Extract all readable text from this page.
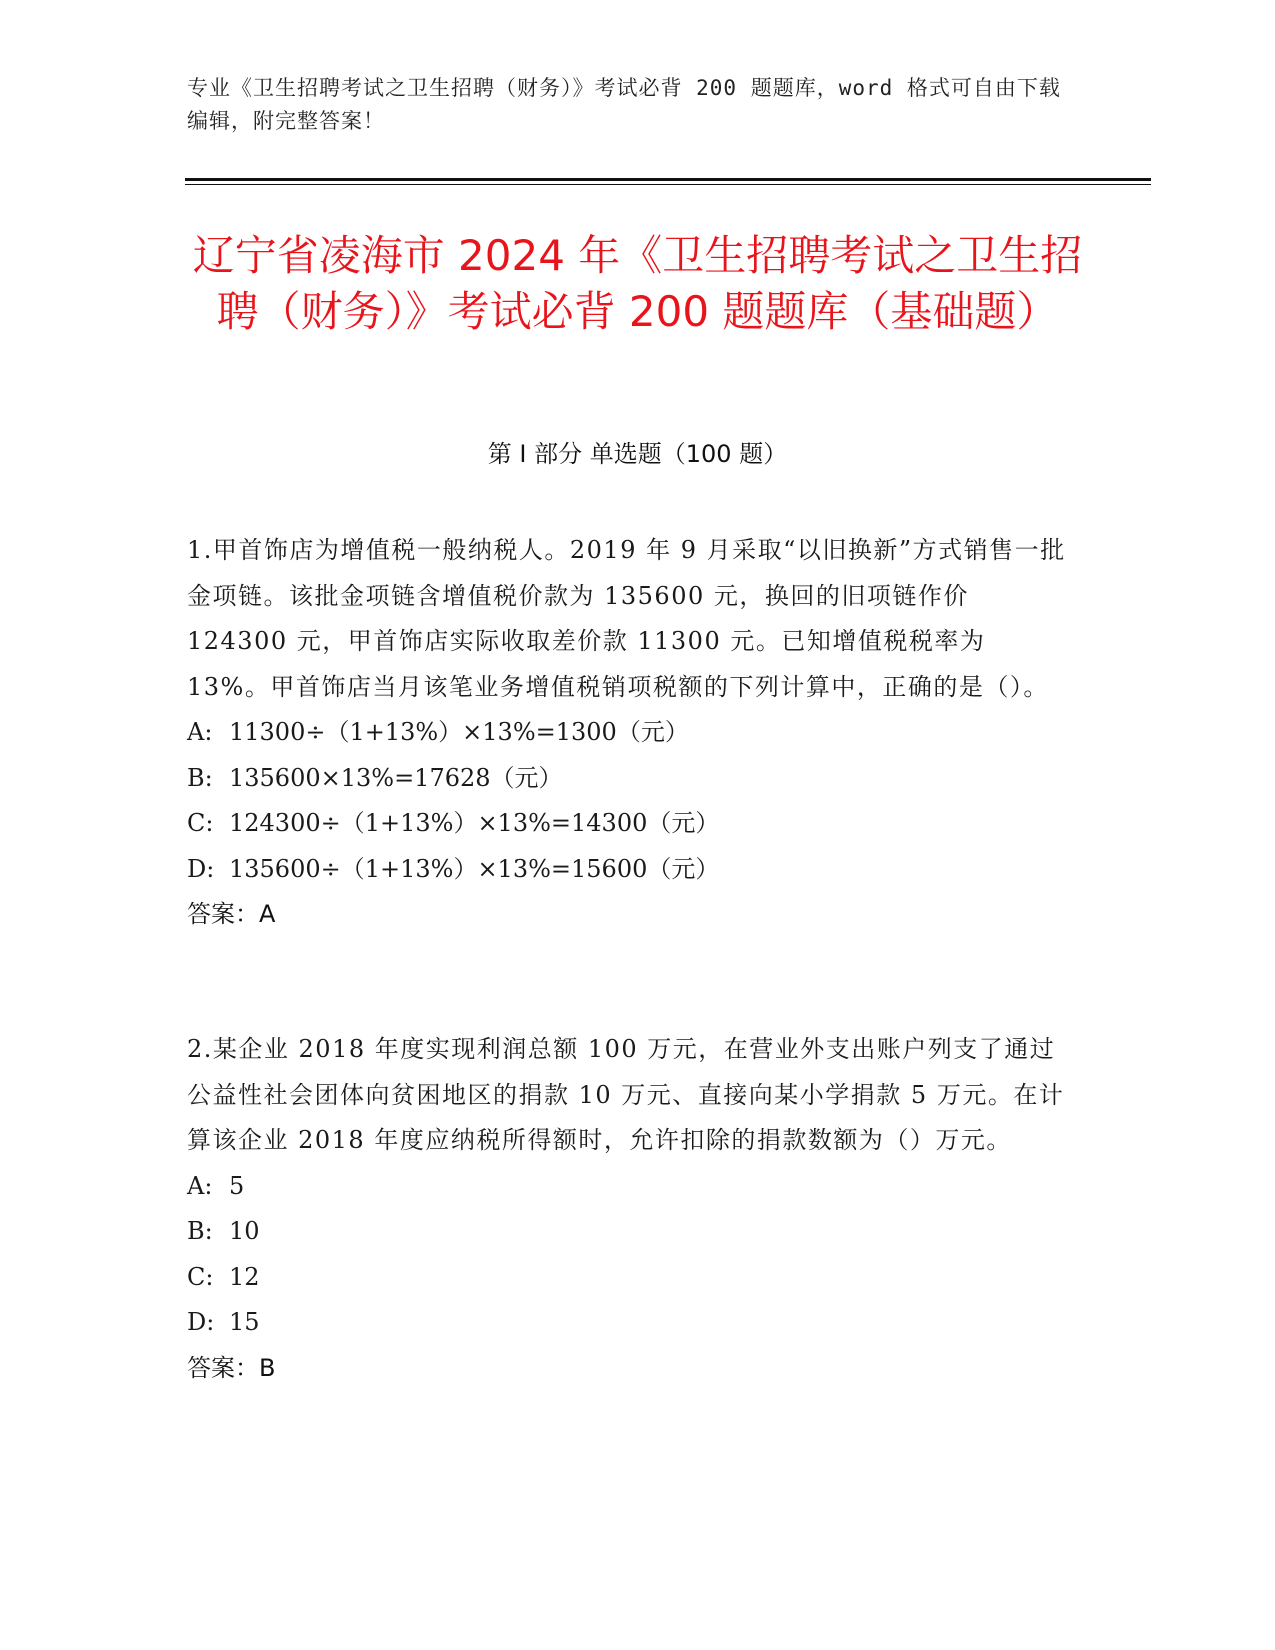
专业《卫生招聘考试之卫生招聘（财务）》考试必背 200 题题库，word 格式可自由下载编辑，附完整答案！
辽宁省凌海市 2024 年《卫生招聘考试之卫生招聘（财务）》考试必背 200 题题库（基础题）
第 I 部分 单选题（100 题）

1.甲首饰店为增值税一般纳税人。2019 年 9 月采取“以旧换新”方式销售一批金项链。该批金项链含增值税价款为 135600 元，换回的旧项链作价 124300 元，甲首饰店实际收取差价款 11300 元。已知增值税税率为 13%。甲首饰店当月该笔业务增值税销项税额的下列计算中，正确的是（）。

A: 11300÷（1+13%）×13%=1300（元）
B: 135600×13%=17628（元）
C: 124300÷（1+13%）×13%=14300（元）
D: 135600÷（1+13%）×13%=15600（元）
答案：A

2.某企业 2018 年度实现利润总额 100 万元，在营业外支出账户列支了通过公益性社会团体向贫困地区的捐款 10 万元、直接向某小学捐款 5 万元。在计算该企业 2018 年度应纳税所得额时，允许扣除的捐款数额为（）万元。

A: 5
B: 10
C: 12
D: 15
答案：B
